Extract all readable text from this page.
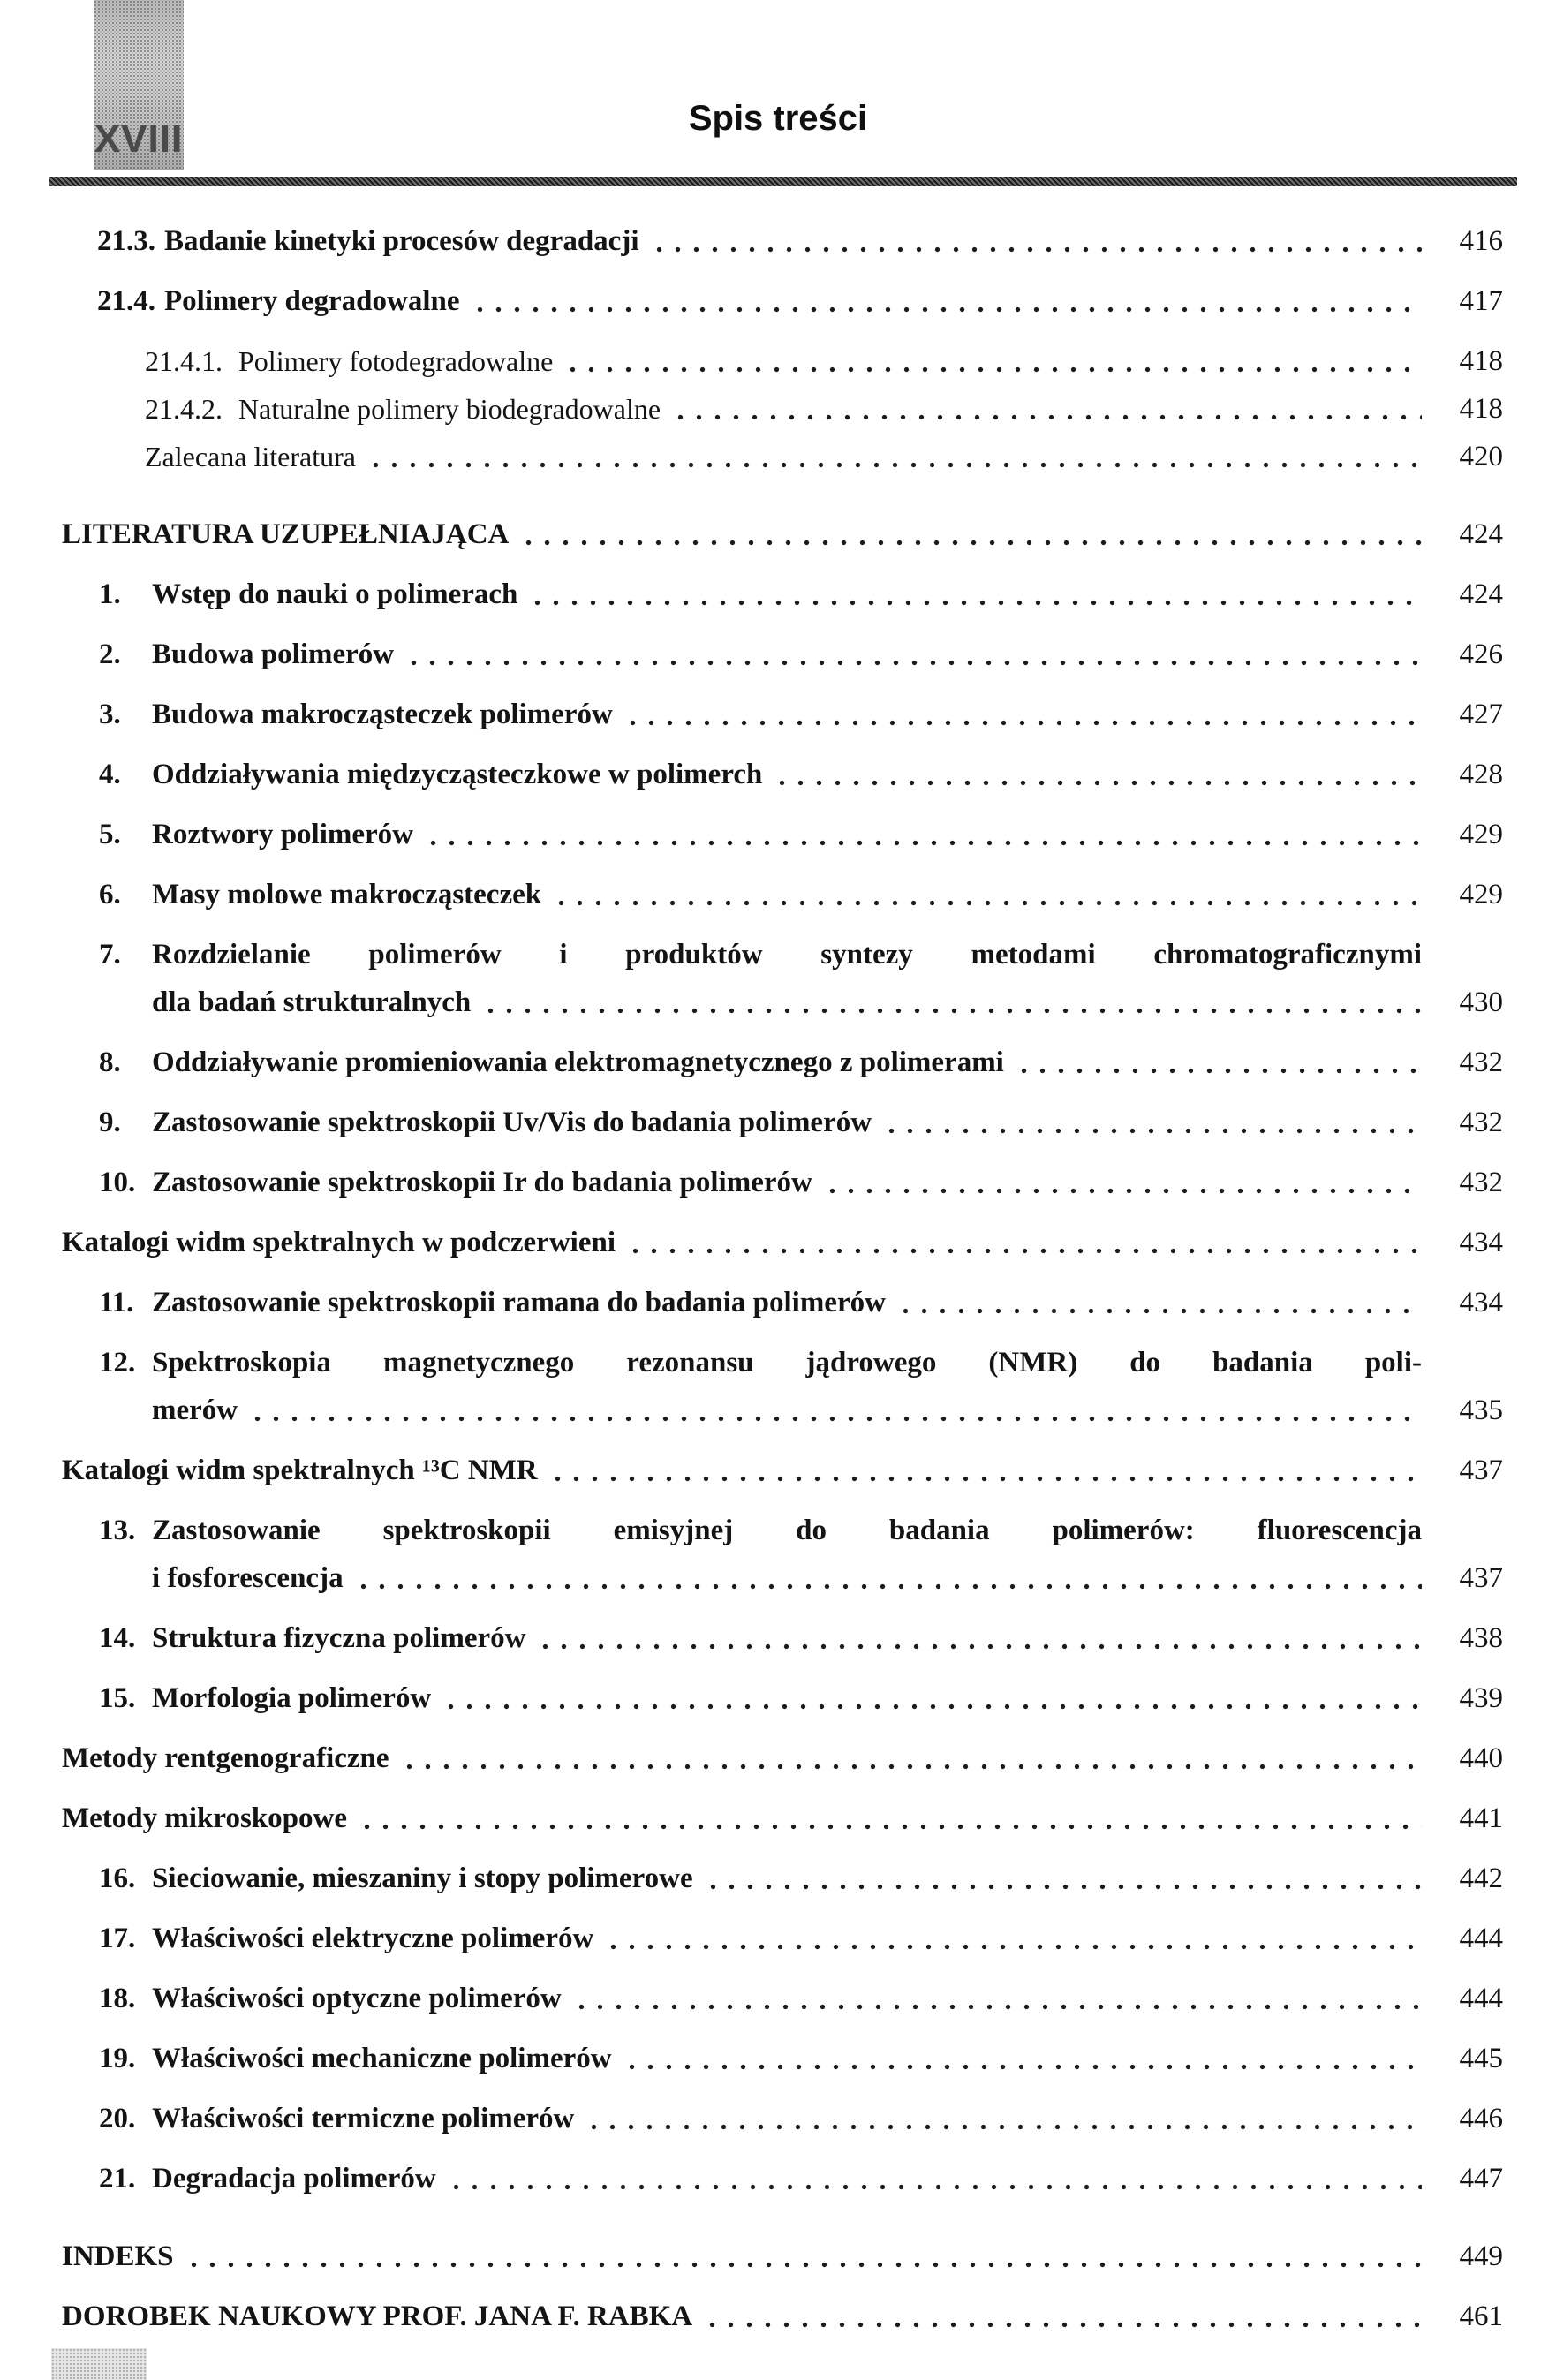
XVIII	Spis treści
21.3. Badanie kinetyki procesów degradacji	416
21.4. Polimery degradowalne	417
21.4.1. Polimery fotodegradowalne	418
21.4.2. Naturalne polimery biodegradowalne	418
Zalecana literatura	420
LITERATURA UZUPEŁNIAJĄCA	424
1.	Wstęp do nauki o polimerach	424
2.	Budowa polimerów	426
3.	Budowa makrocząsteczek polimerów	427
4.	Oddziaływania międzycząsteczkowe w polimerch	428
5.	Roztwory polimerów	429
6.	Masy molowe makrocząsteczek	429
7.	Rozdzielanie polimerów i produktów syntezy metodami chromatograficznymi
dla badań strukturalnych	430
8.	Oddziaływanie promieniowania elektromagnetycznego z polimerami	432
9.	Zastosowanie spektroskopii Uv/Vis do badania polimerów	432
10. Zastosowanie spektroskopii Ir do badania polimerów	432
Katalogi widm spektralnych w podczerwieni	434
11. Zastosowanie spektroskopii ramana do badania polimerów	434
12. Spektroskopia magnetycznego rezonansu jądrowego (NMR) do badania poli-
merów	435
Katalogi widm spektralnych ¹³C NMR	437
13. Zastosowanie spektroskopii emisyjnej do badania polimerów: fluorescencja
i fosforescencja	437
14. Struktura fizyczna polimerów	438
15. Morfologia polimerów	439
Metody rentgenograficzne	440
Metody mikroskopowe	441
16. Sieciowanie, mieszaniny i stopy polimerowe	442
17. Właściwości elektryczne polimerów	444
18. Właściwości optyczne polimerów	444
19. Właściwości mechaniczne polimerów	445
20. Właściwości termiczne polimerów	446
21. Degradacja polimerów	447
INDEKS	449
DOROBEK NAUKOWY PROF. JANA F. RABKA	461
